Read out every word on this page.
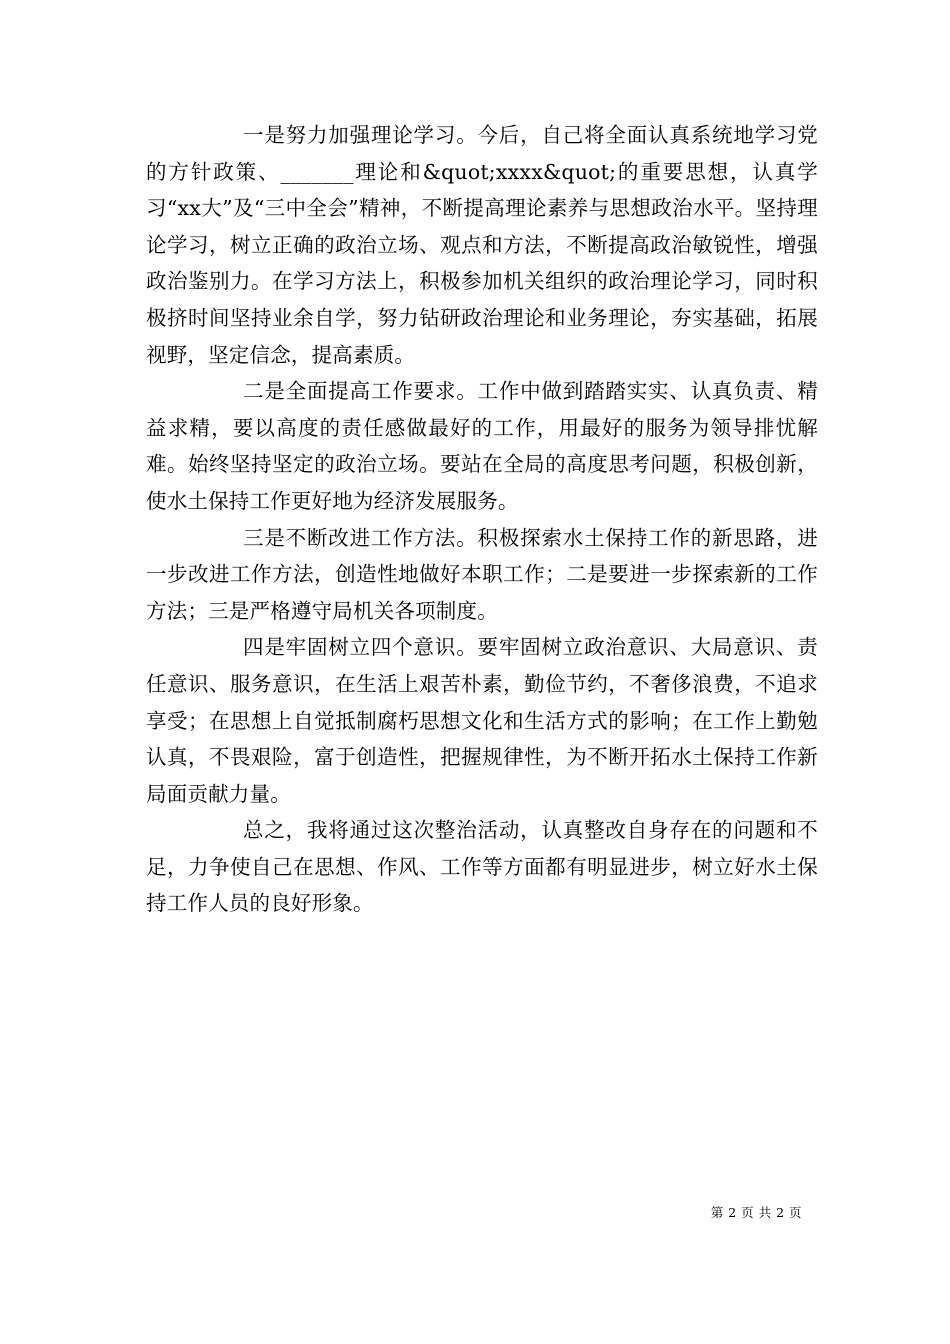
一是努力加强理论学习。今后，自己将全面认真系统地学习党的方针政策、_______理论和&quot;xxxx&quot;的重要思想，认真学习“xx大”及“三中全会”精神，不断提高理论素养与思想政治水平。坚持理论学习，树立正确的政治立场、观点和方法，不断提高政治敏锐性，增强政治鉴别力。在学习方法上，积极参加机关组织的政治理论学习，同时积极挤时间坚持业余自学，努力钻研政治理论和业务理论，夯实基础，拓展视野，坚定信念，提高素质。

二是全面提高工作要求。工作中做到踏踏实实、认真负责、精益求精，要以高度的责任感做最好的工作，用最好的服务为领导排忧解难。始终坚持坚定的政治立场。要站在全局的高度思考问题，积极创新，使水土保持工作更好地为经济发展服务。

三是不断改进工作方法。积极探索水土保持工作的新思路，进一步改进工作方法，创造性地做好本职工作；二是要进一步探索新的工作方法；三是严格遵守局机关各项制度。

四是牢固树立四个意识。要牢固树立政治意识、大局意识、责任意识、服务意识，在生活上艰苦朴素，勤俭节约，不奢侈浪费，不追求享受；在思想上自觉抵制腐朽思想文化和生活方式的影响；在工作上勤勉认真，不畏艰险，富于创造性，把握规律性，为不断开拓水土保持工作新局面贡献力量。

总之，我将通过这次整治活动，认真整改自身存在的问题和不足，力争使自己在思想、作风、工作等方面都有明显进步，树立好水土保持工作人员的良好形象。

第 2 页 共 2 页
